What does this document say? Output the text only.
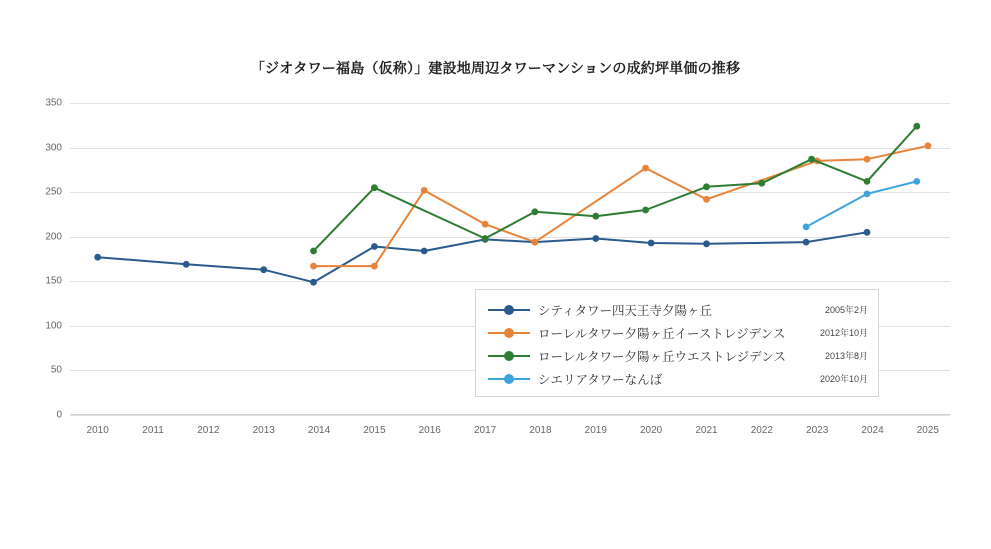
「ジオタワー福島（仮称）」建設地周辺タワーマンションの成約坪単価の推移
0
50
100
150
200
250
300
350
2010	2011	2012	2013	2014	2015	2016	2017	2018	2019	2020	2021	2022	2023	2024	2025
シティタワー四天王寺夕陽ヶ丘	2005年2月
ローレルタワー夕陽ヶ丘イーストレジデンス	2012年10月
ローレルタワー夕陽ヶ丘ウエストレジデンス	2013年8月
シエリアタワーなんば	2020年10月
